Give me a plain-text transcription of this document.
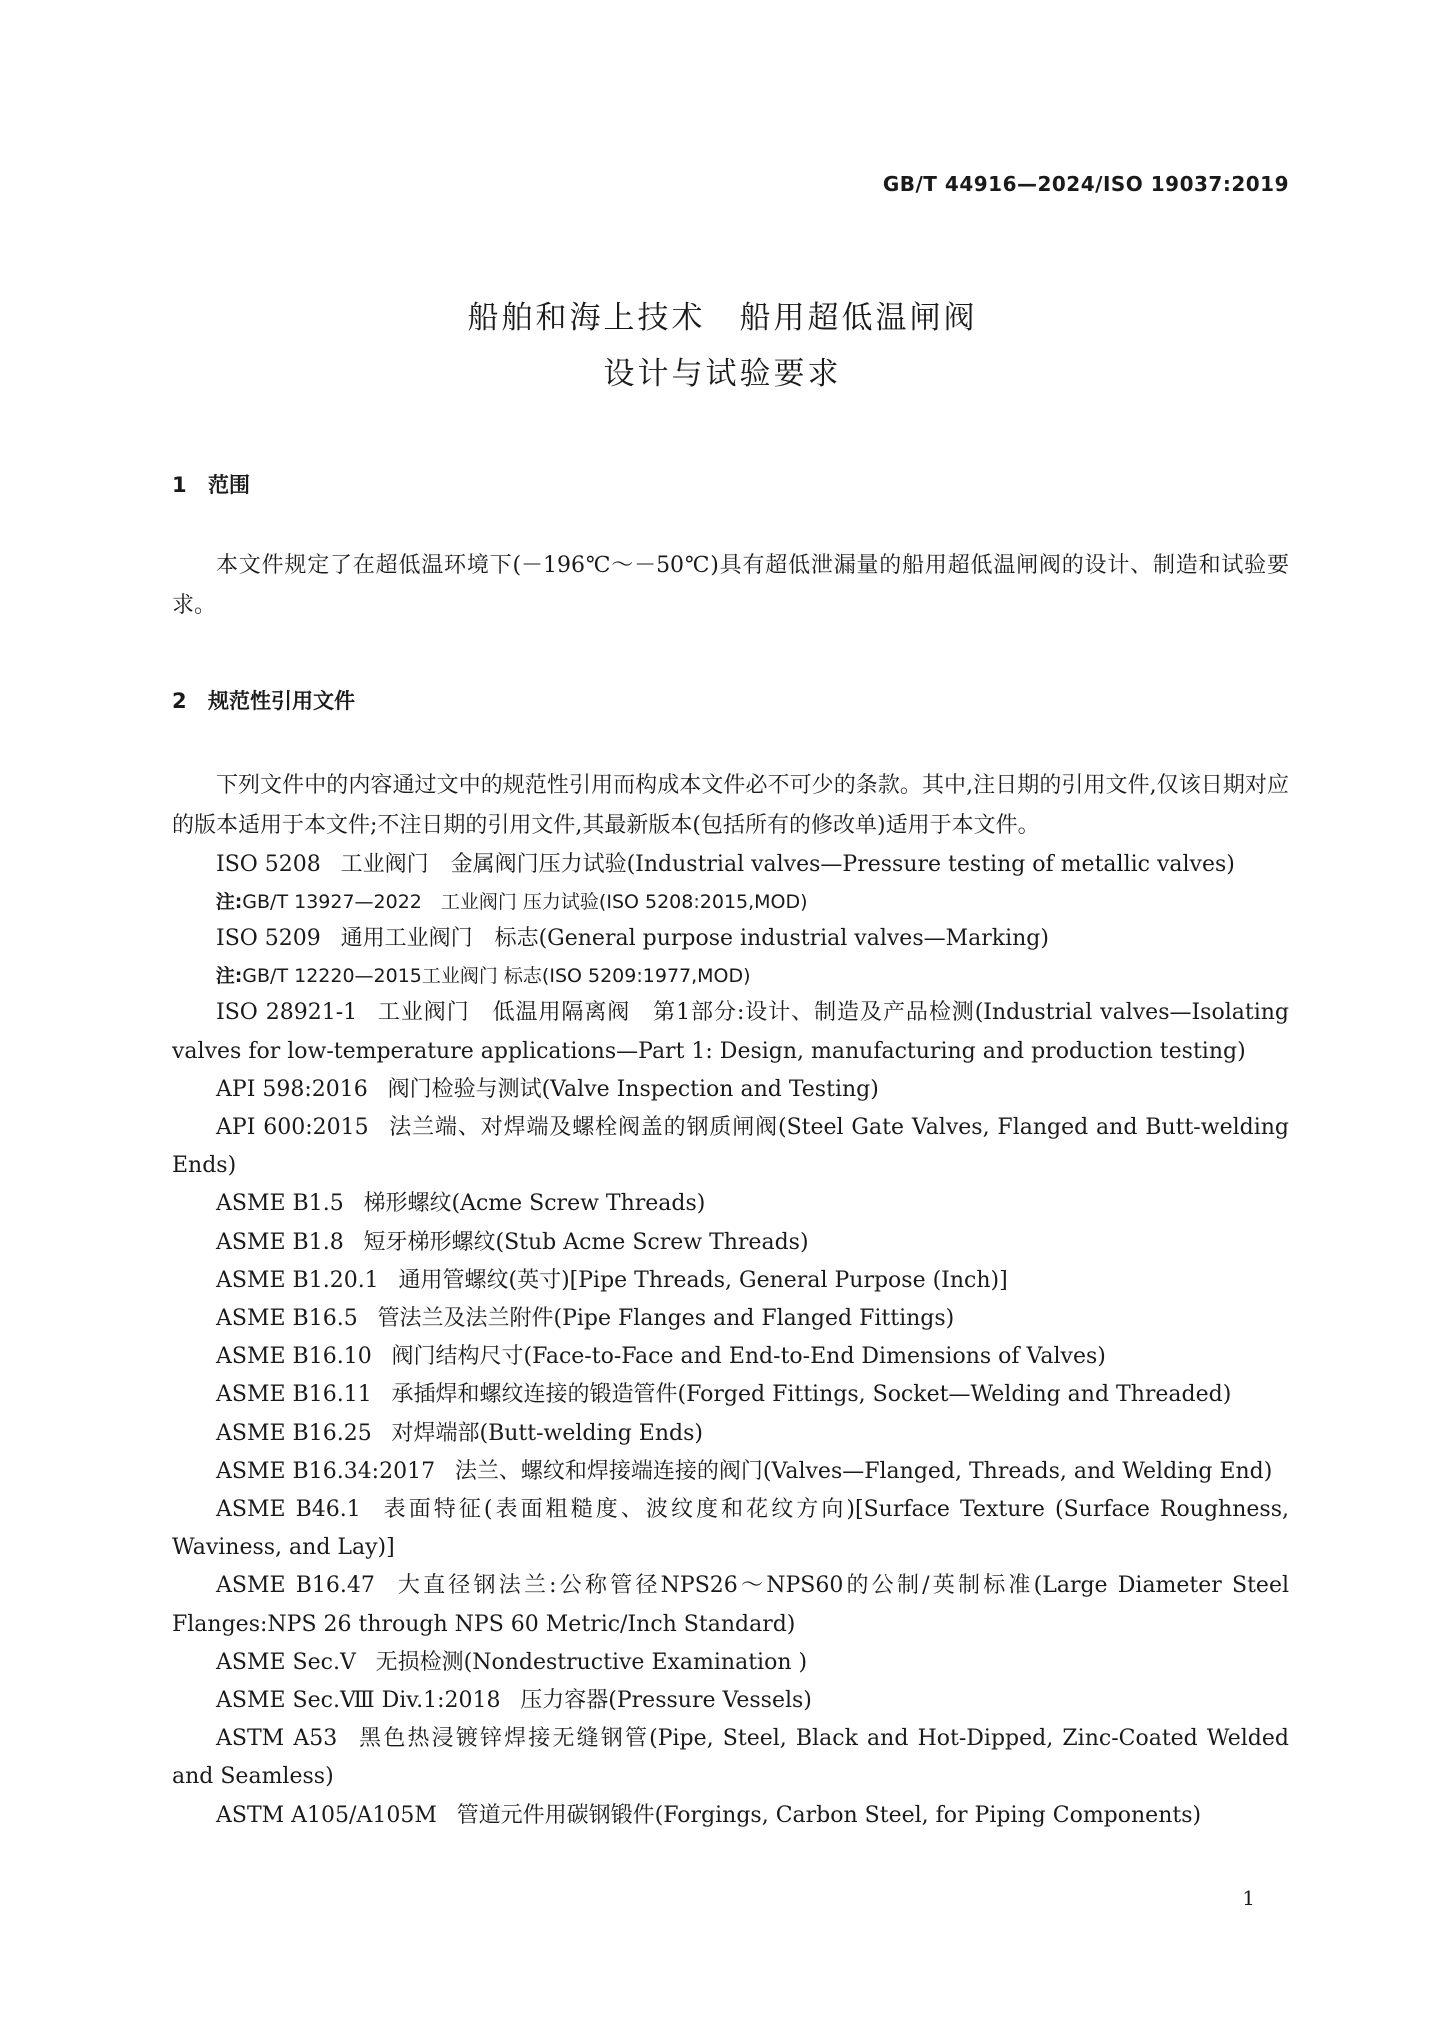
GB/T 44916—2024/ISO 19037:2019

船舶和海上技术　船用超低温闸阀
设计与试验要求
1 范围

本文件规定了在超低温环境下(－196℃～－50℃)具有超低泄漏量的船用超低温闸阀的设计、制造和试验要求。

2 规范性引用文件

下列文件中的内容通过文中的规范性引用而构成本文件必不可少的条款。其中,注日期的引用文件,仅该日期对应的版本适用于本文件;不注日期的引用文件,其最新版本(包括所有的修改单)适用于本文件。

ISO 5208 工业阀门　金属阀门压力试验(Industrial valves—Pressure testing of metallic valves)
注:GB/T 13927—2022　工业阀门 压力试验(ISO 5208:2015,MOD)
ISO 5209 通用工业阀门　标志(General purpose industrial valves—Marking)
注:GB/T 12220—2015工业阀门 标志(ISO 5209:1977,MOD)
ISO 28921-1 工业阀门　低温用隔离阀　第1部分:设计、制造及产品检测(Industrial valves—Isolating valves for low-temperature applications—Part 1: Design, manufacturing and production testing)
API 598:2016 阀门检验与测试(Valve Inspection and Testing)
API 600:2015 法兰端、对焊端及螺栓阀盖的钢质闸阀(Steel Gate Valves, Flanged and Butt-welding Ends)
ASME B1.5 梯形螺纹(Acme Screw Threads)
ASME B1.8 短牙梯形螺纹(Stub Acme Screw Threads)
ASME B1.20.1 通用管螺纹(英寸)[Pipe Threads, General Purpose (Inch)]
ASME B16.5 管法兰及法兰附件(Pipe Flanges and Flanged Fittings)
ASME B16.10 阀门结构尺寸(Face-to-Face and End-to-End Dimensions of Valves)
ASME B16.11 承插焊和螺纹连接的锻造管件(Forged Fittings, Socket—Welding and Threaded)
ASME B16.25 对焊端部(Butt-welding Ends)
ASME B16.34:2017 法兰、螺纹和焊接端连接的阀门(Valves—Flanged, Threads, and Welding End)
ASME B46.1 表面特征(表面粗糙度、波纹度和花纹方向)[Surface Texture (Surface Roughness, Waviness, and Lay)]
ASME B16.47 大直径钢法兰:公称管径NPS26～NPS60的公制/英制标准(Large Diameter Steel Flanges:NPS 26 through NPS 60 Metric/Inch Standard)
ASME Sec.Ⅴ 无损检测(Nondestructive Examination )
ASME Sec.Ⅷ Div.1:2018 压力容器(Pressure Vessels)
ASTM A53 黑色热浸镀锌焊接无缝钢管(Pipe, Steel, Black and Hot-Dipped, Zinc-Coated Welded and Seamless)
ASTM A105/A105M 管道元件用碳钢锻件(Forgings, Carbon Steel, for Piping Components)

1
